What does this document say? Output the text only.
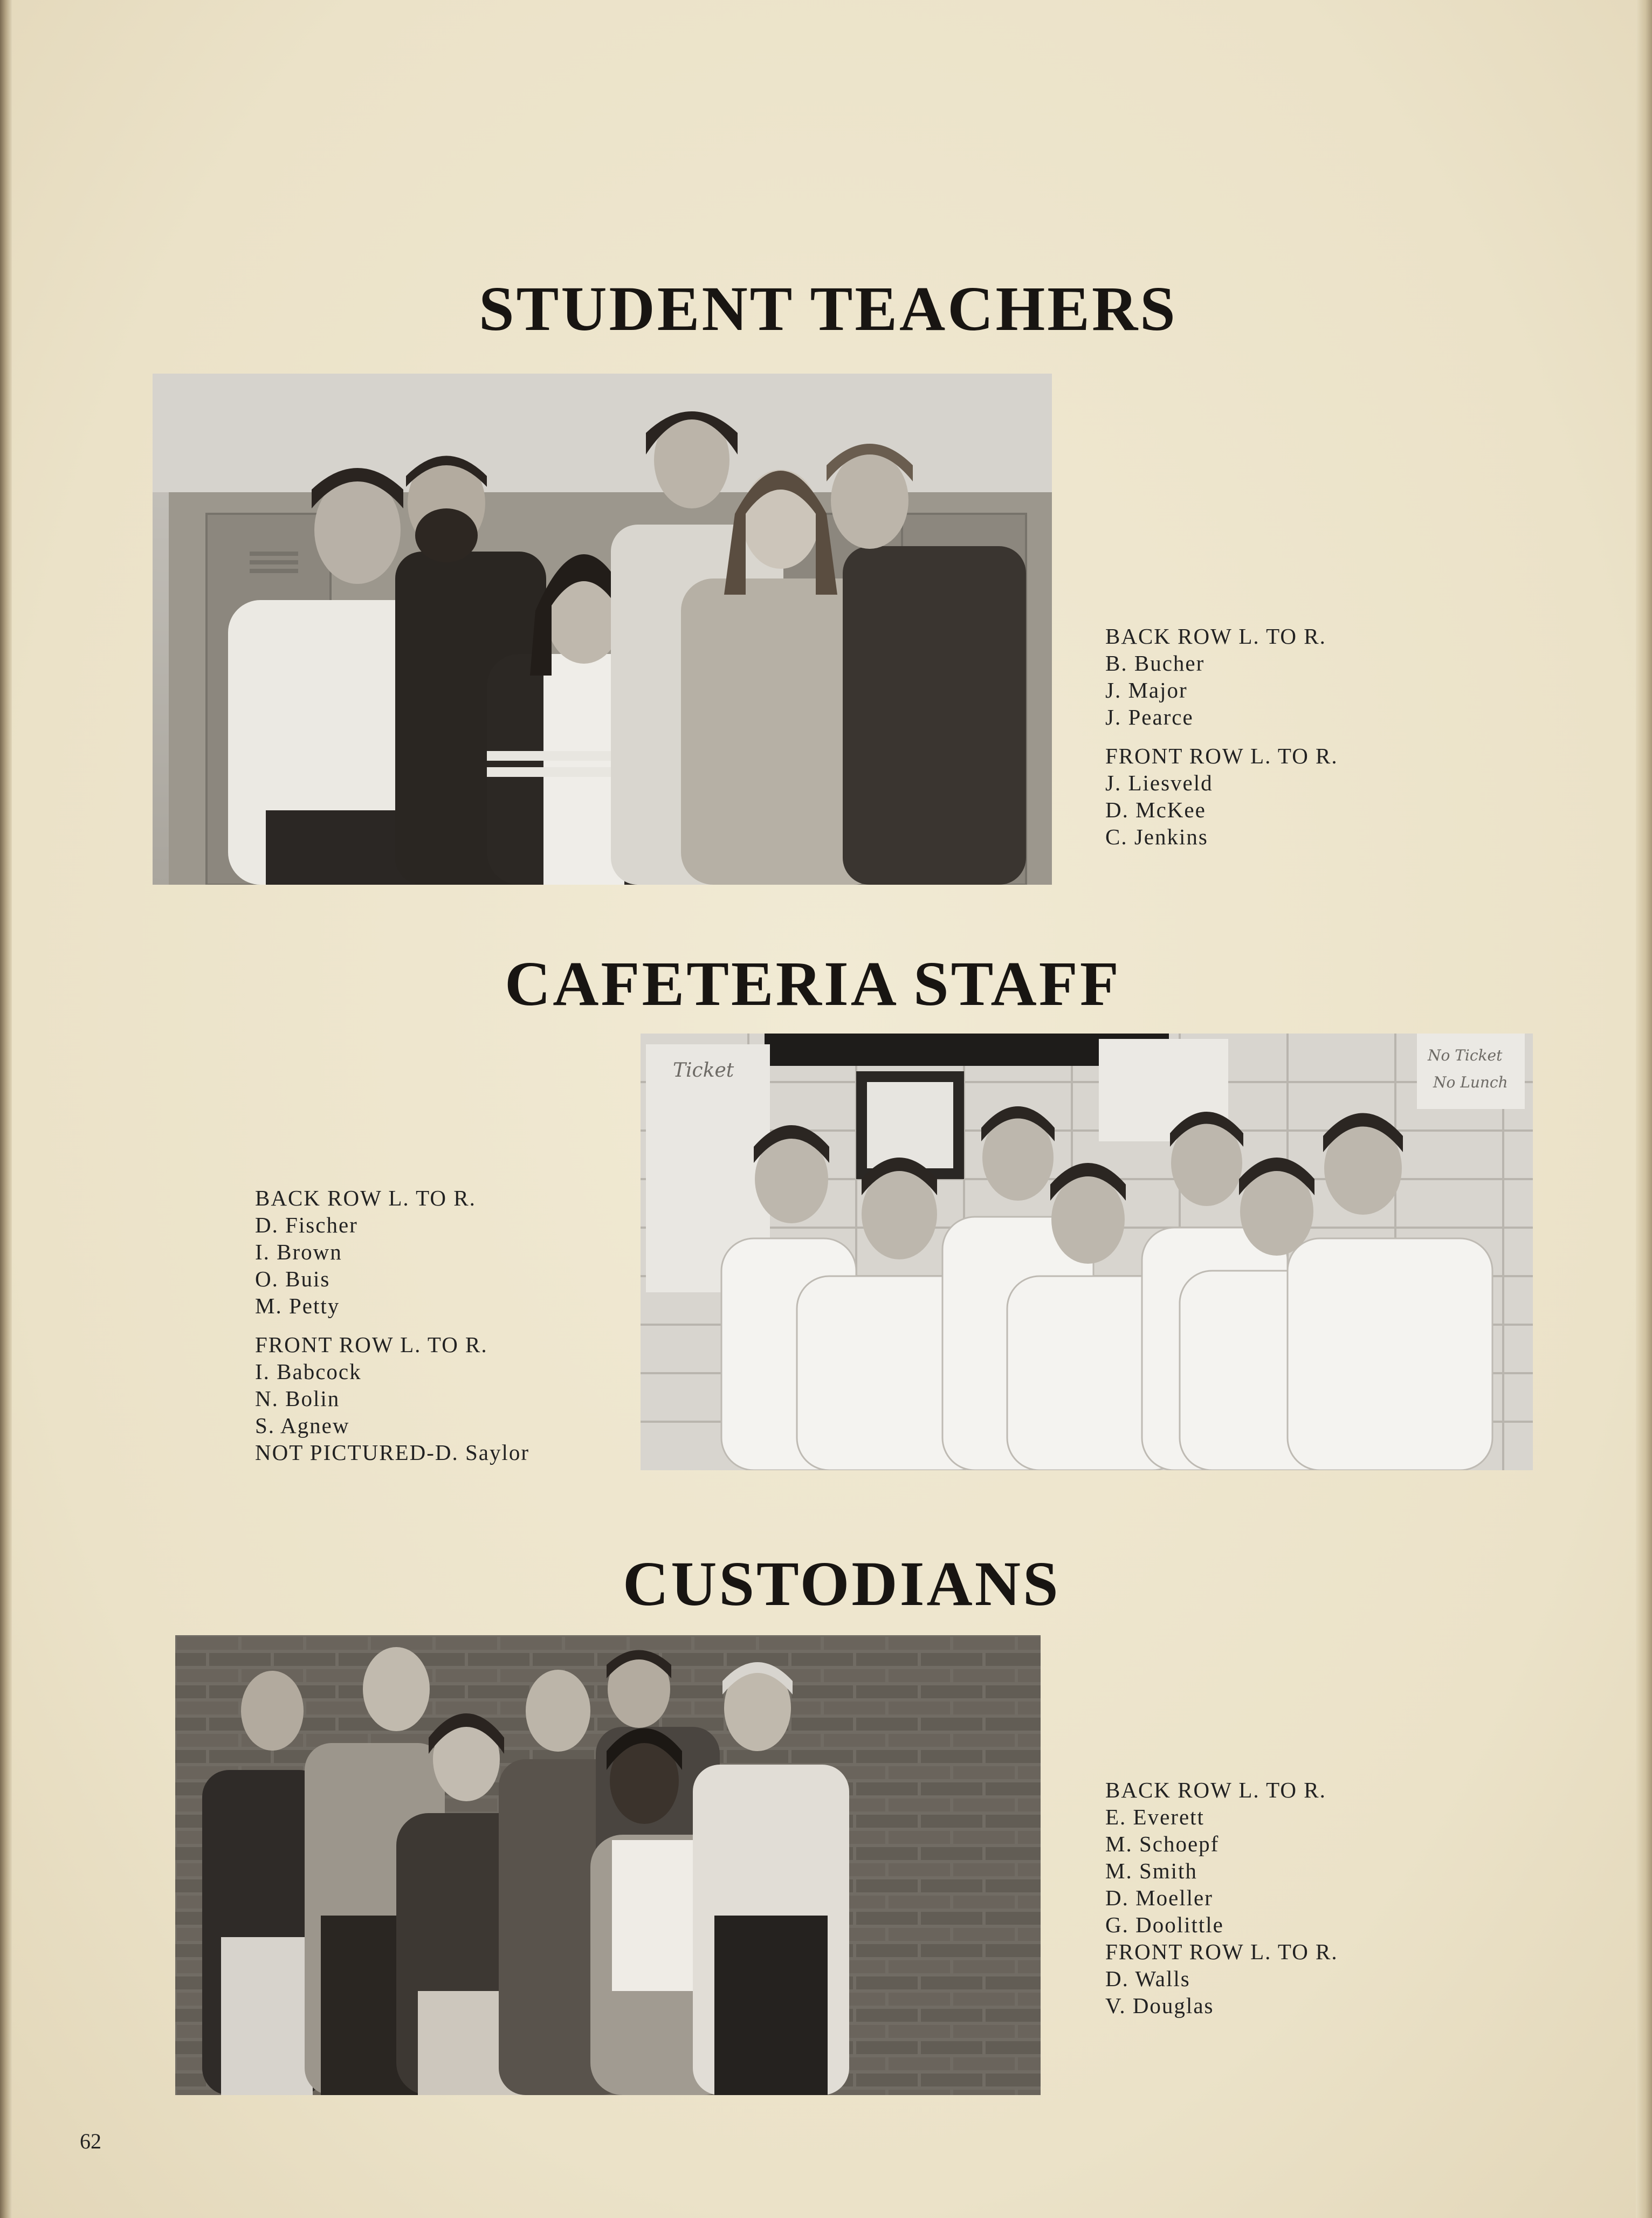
STUDENT TEACHERS
BACK ROW L. TO R.
B. Bucher
J. Major
J. Pearce
FRONT ROW L. TO R.
J. Liesveld
D. McKee
C. Jenkins
CAFETERIA STAFF
Ticket
No Ticket
No Lunch
BACK ROW L. TO R.
D. Fischer
I. Brown
O. Buis
M. Petty
FRONT ROW L. TO R.
I. Babcock
N. Bolin
S. Agnew
NOT PICTURED-D. Saylor
CUSTODIANS
BACK ROW L. TO R.
E. Everett
M. Schoepf
M. Smith
D. Moeller
G. Doolittle
FRONT ROW L. TO R.
D. Walls
V. Douglas
62
